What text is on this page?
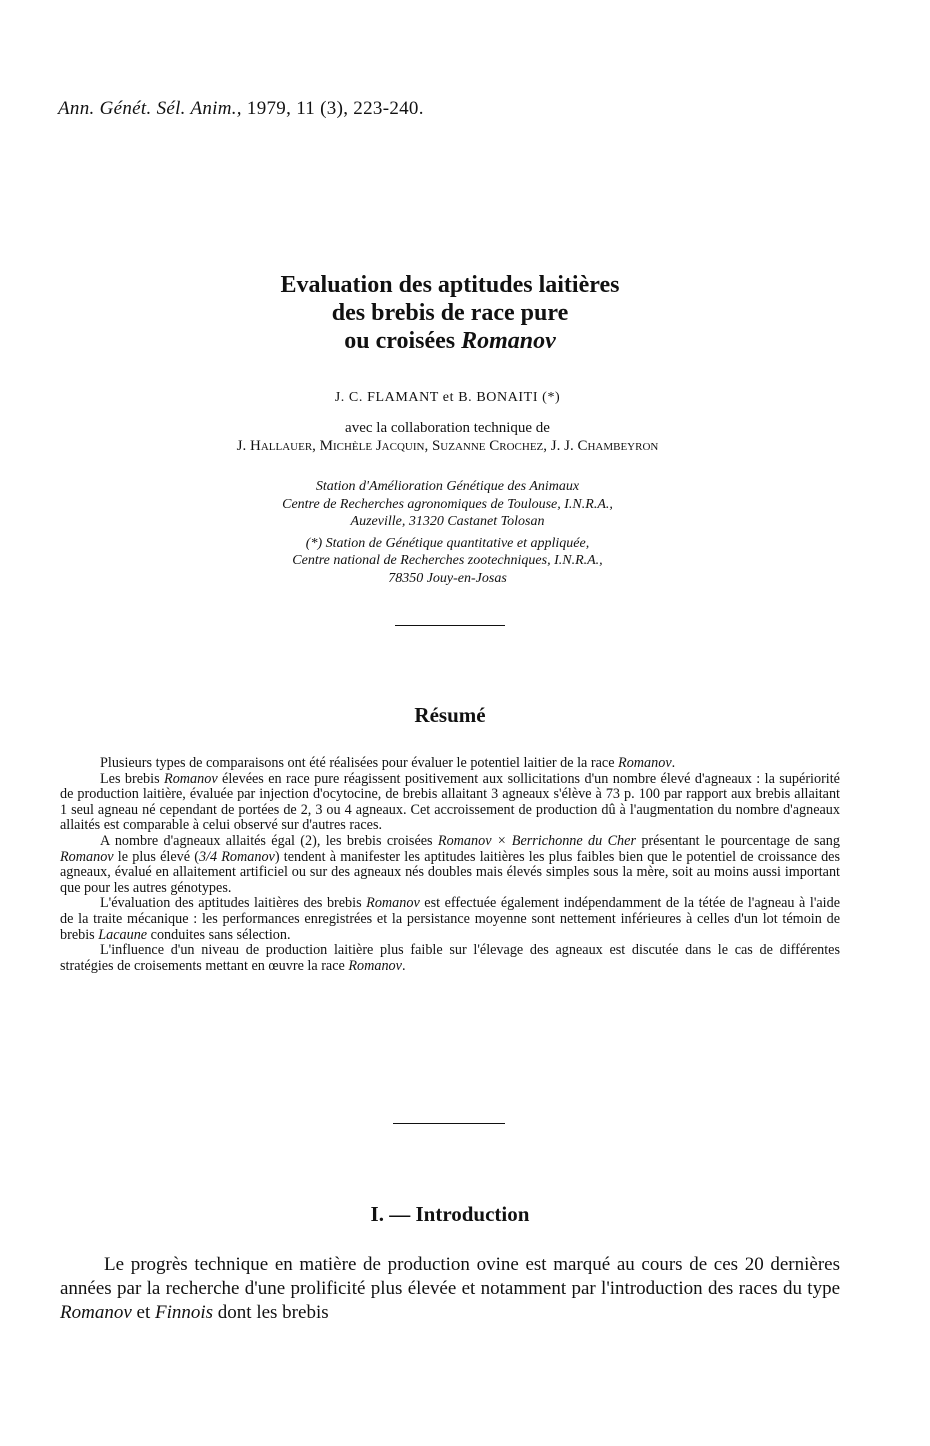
Ann. Génét. Sél. Anim., 1979, 11 (3), 223-240.
Evaluation des aptitudes laitières
des brebis de race pure
ou croisées Romanov
J. C. FLAMANT et B. BONAITI (*)
avec la collaboration technique de
J. Hallauer, Michèle Jacquin, Suzanne Crochez, J. J. Chambeyron
Station d'Amélioration Génétique des Animaux
Centre de Recherches agronomiques de Toulouse, I.N.R.A.,
Auzeville, 31320 Castanet Tolosan
(*) Station de Génétique quantitative et appliquée,
Centre national de Recherches zootechniques, I.N.R.A.,
78350 Jouy-en-Josas
Résumé

Plusieurs types de comparaisons ont été réalisées pour évaluer le potentiel laitier de la race Romanov.

Les brebis Romanov élevées en race pure réagissent positivement aux sollicitations d'un nombre élevé d'agneaux : la supériorité de production laitière, évaluée par injection d'ocytocine, de brebis allaitant 3 agneaux s'élève à 73 p. 100 par rapport aux brebis allaitant 1 seul agneau né cependant de portées de 2, 3 ou 4 agneaux. Cet accroissement de production dû à l'augmentation du nombre d'agneaux allaités est comparable à celui observé sur d'autres races.

A nombre d'agneaux allaités égal (2), les brebis croisées Romanov × Berrichonne du Cher présentant le pourcentage de sang Romanov le plus élevé (3/4 Romanov) tendent à manifester les aptitudes laitières les plus faibles bien que le potentiel de croissance des agneaux, évalué en allaitement artificiel ou sur des agneaux nés doubles mais élevés simples sous la mère, soit au moins aussi important que pour les autres génotypes.

L'évaluation des aptitudes laitières des brebis Romanov est effectuée également indépendamment de la tétée de l'agneau à l'aide de la traite mécanique : les performances enregistrées et la persistance moyenne sont nettement inférieures à celles d'un lot témoin de brebis Lacaune conduites sans sélection.

L'influence d'un niveau de production laitière plus faible sur l'élevage des agneaux est discutée dans le cas de différentes stratégies de croisements mettant en œuvre la race Romanov.

I. — Introduction

Le progrès technique en matière de production ovine est marqué au cours de ces 20 dernières années par la recherche d'une prolificité plus élevée et notamment par l'introduction des races du type Romanov et Finnois dont les brebis
